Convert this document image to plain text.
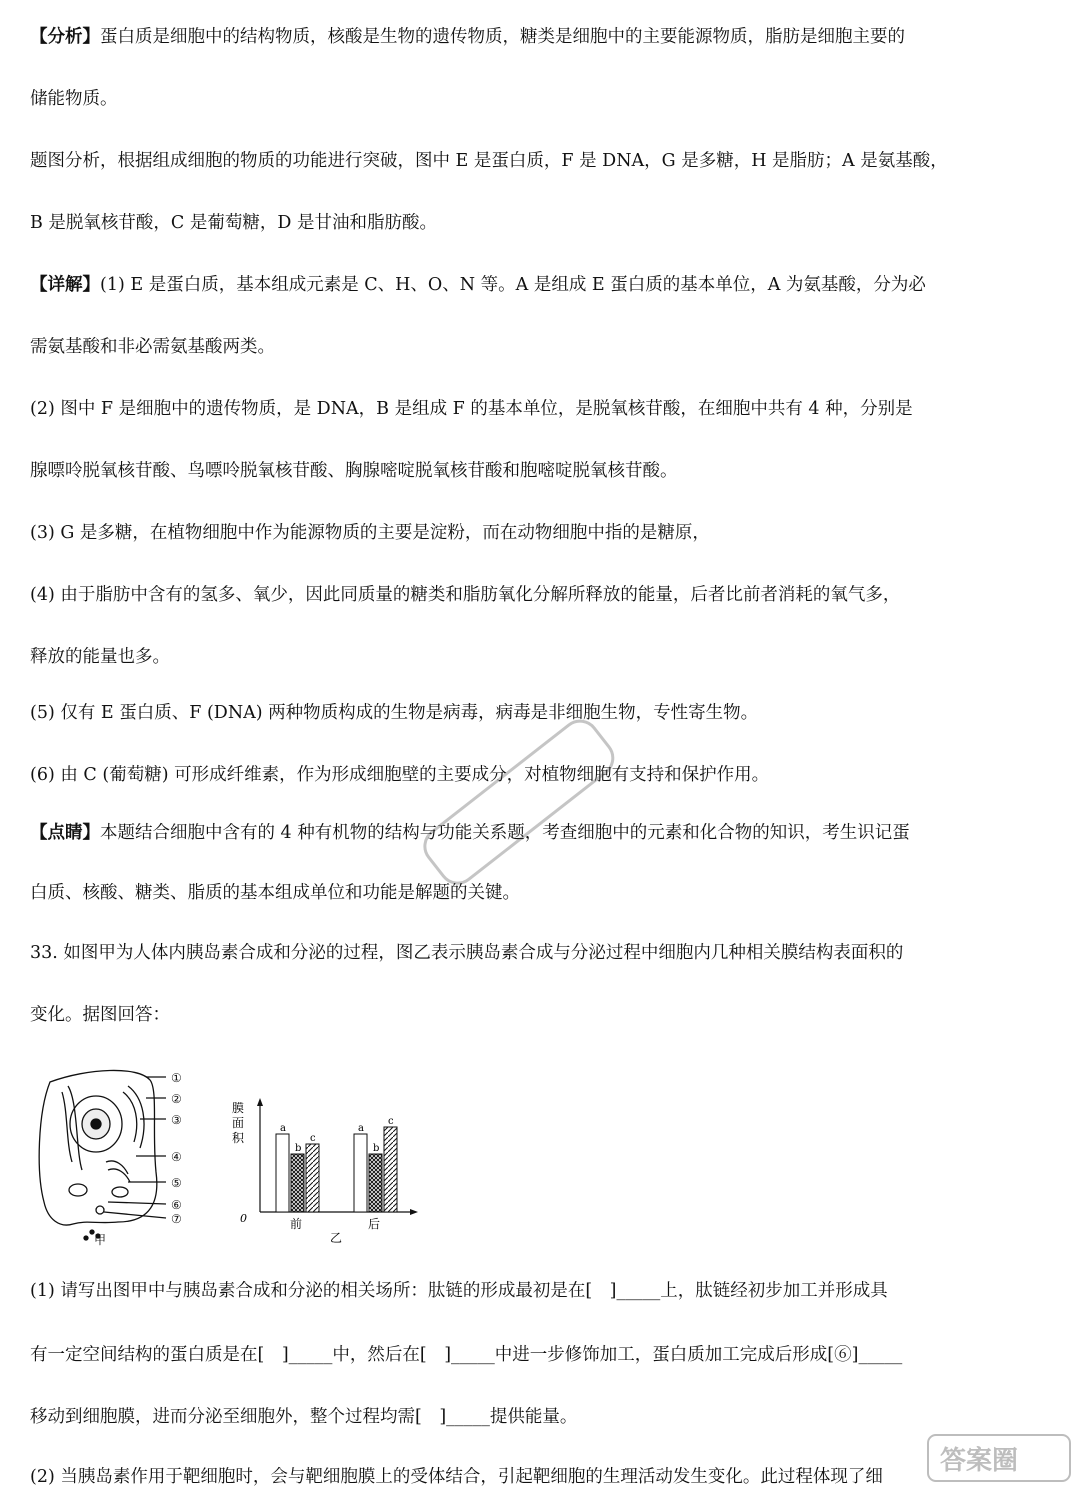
【分析】蛋白质是细胞中的结构物质，核酸是生物的遗传物质，糖类是细胞中的主要能源物质，脂肪是细胞主要的
储能物质。
题图分析，根据组成细胞的物质的功能进行突破，图中 E 是蛋白质，F 是 DNA，G 是多糖，H 是脂肪；A 是氨基酸，
B 是脱氧核苷酸，C 是葡萄糖，D 是甘油和脂肪酸。
【详解】(1) E 是蛋白质，基本组成元素是 C、H、O、N 等。A 是组成 E 蛋白质的基本单位，A 为氨基酸，分为必
需氨基酸和非必需氨基酸两类。
(2) 图中 F 是细胞中的遗传物质，是 DNA，B 是组成 F 的基本单位，是脱氧核苷酸，在细胞中共有 4 种，分别是
腺嘌呤脱氧核苷酸、鸟嘌呤脱氧核苷酸、胸腺嘧啶脱氧核苷酸和胞嘧啶脱氧核苷酸。
(3) G 是多糖，在植物细胞中作为能源物质的主要是淀粉，而在动物细胞中指的是糖原，
(4) 由于脂肪中含有的氢多、氧少，因此同质量的糖类和脂肪氧化分解所释放的能量，后者比前者消耗的氧气多，
释放的能量也多。
(5) 仅有 E 蛋白质、F (DNA) 两种物质构成的生物是病毒，病毒是非细胞生物，专性寄生物。
(6) 由 C (葡萄糖) 可形成纤维素，作为形成细胞壁的主要成分，对植物细胞有支持和保护作用。
【点睛】本题结合细胞中含有的 4 种有机物的结构与功能关系题，考查细胞中的元素和化合物的知识，考生识记蛋
白质、核酸、糖类、脂质的基本组成单位和功能是解题的关键。
33. 如图甲为人体内胰岛素合成和分泌的过程，图乙表示胰岛素合成与分泌过程中细胞内几种相关膜结构表面积的
变化。据图回答：
(1) 请写出图甲中与胰岛素合成和分泌的相关场所：肽链的形成最初是在[　]_____上，肽链经初步加工并形成具
有一定空间结构的蛋白质是在[　]_____中，然后在[　]_____中进一步修饰加工，蛋白质加工完成后形成[⑥]_____
移动到细胞膜，进而分泌至细胞外，整个过程均需[　]_____提供能量。
(2) 当胰岛素作用于靶细胞时，会与靶细胞膜上的受体结合，引起靶细胞的生理活动发生变化。此过程体现了细
①
②
③
④
⑤
⑥
⑦
甲
膜
面
积
0
a
b
c
前
a
b
c
后
乙
答案圈
